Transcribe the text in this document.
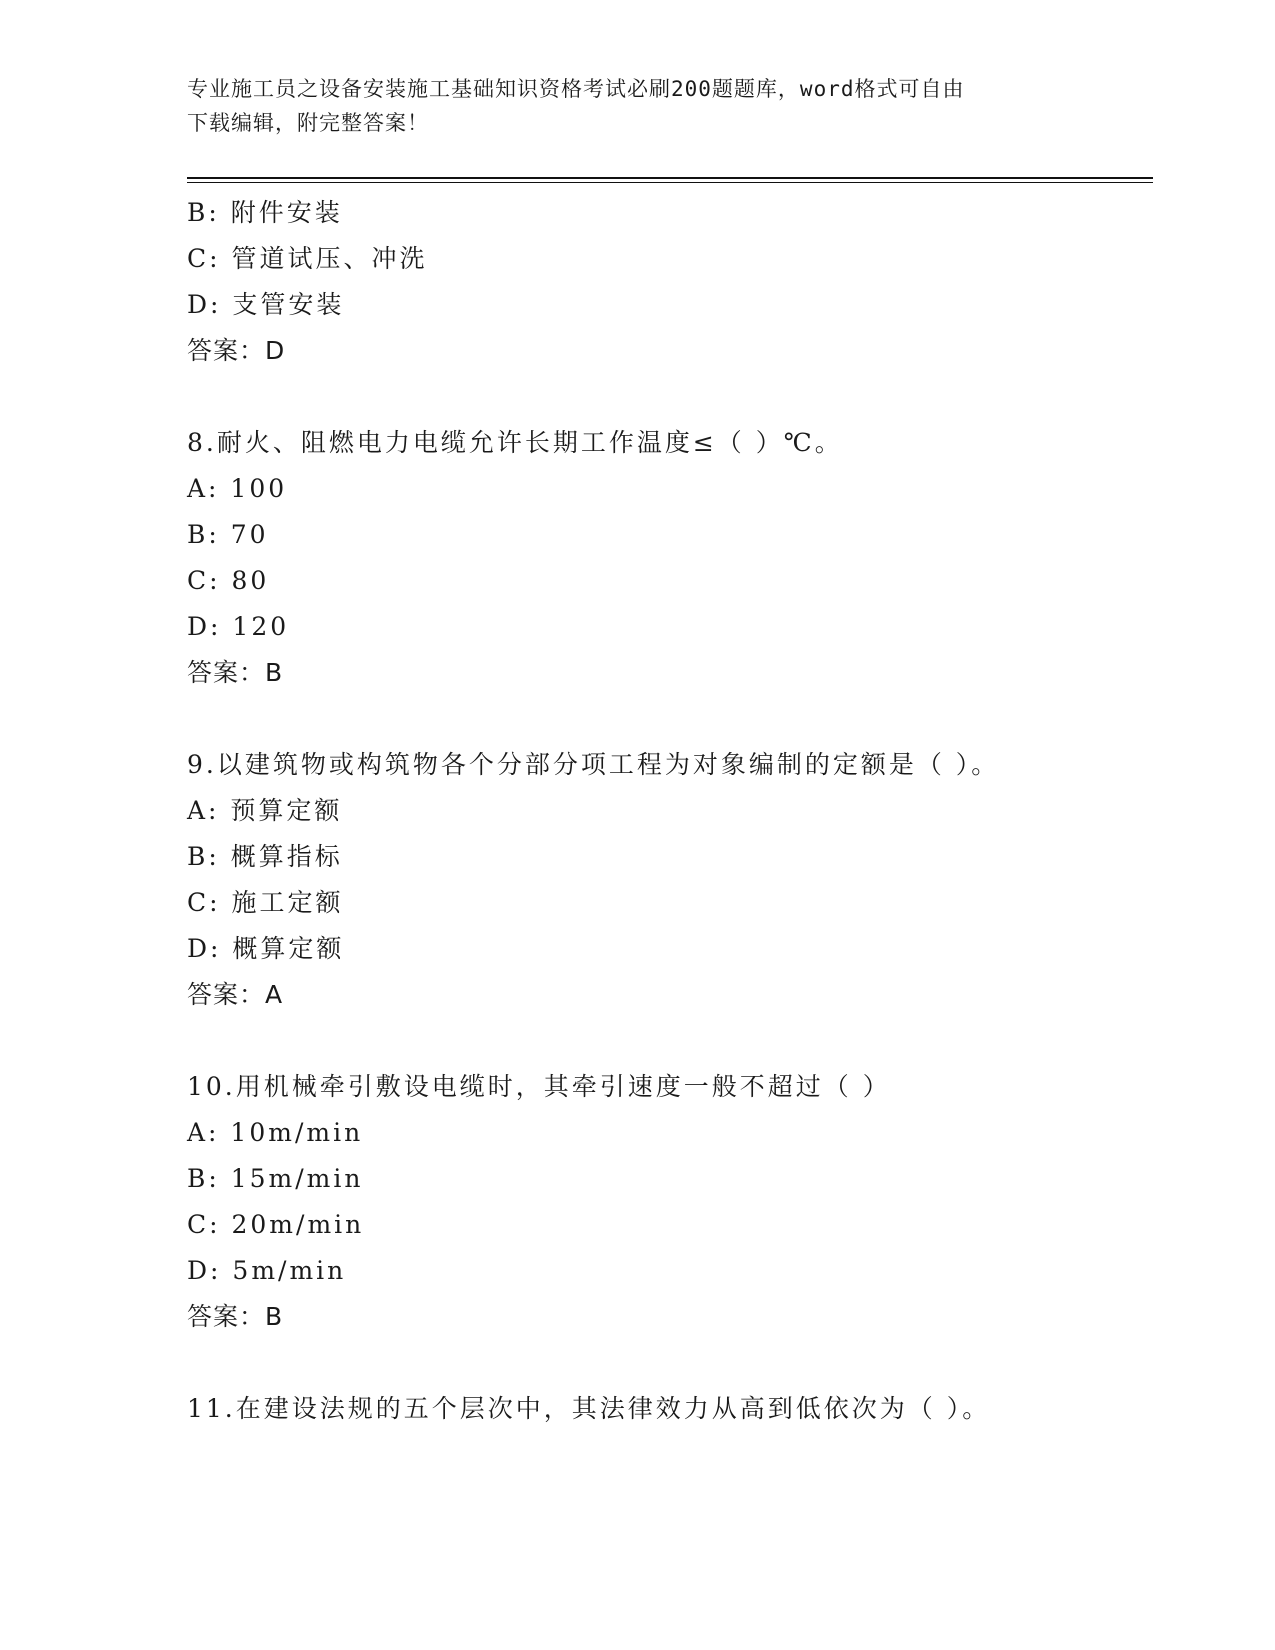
专业施工员之设备安装施工基础知识资格考试必刷200题题库，word格式可自由
下载编辑，附完整答案！
B: 附件安装
C: 管道试压、冲洗
D: 支管安装
答案：D
8.耐火、阻燃电力电缆允许长期工作温度≤（ ）℃。
A: 100
B: 70
C: 80
D: 120
答案：B
9.以建筑物或构筑物各个分部分项工程为对象编制的定额是（ ）。
A: 预算定额
B: 概算指标
C: 施工定额
D: 概算定额
答案：A
10.用机械牵引敷设电缆时，其牵引速度一般不超过（ ）
A: 10m/min
B: 15m/min
C: 20m/min
D: 5m/min
答案：B
11.在建设法规的五个层次中，其法律效力从高到低依次为（ ）。
